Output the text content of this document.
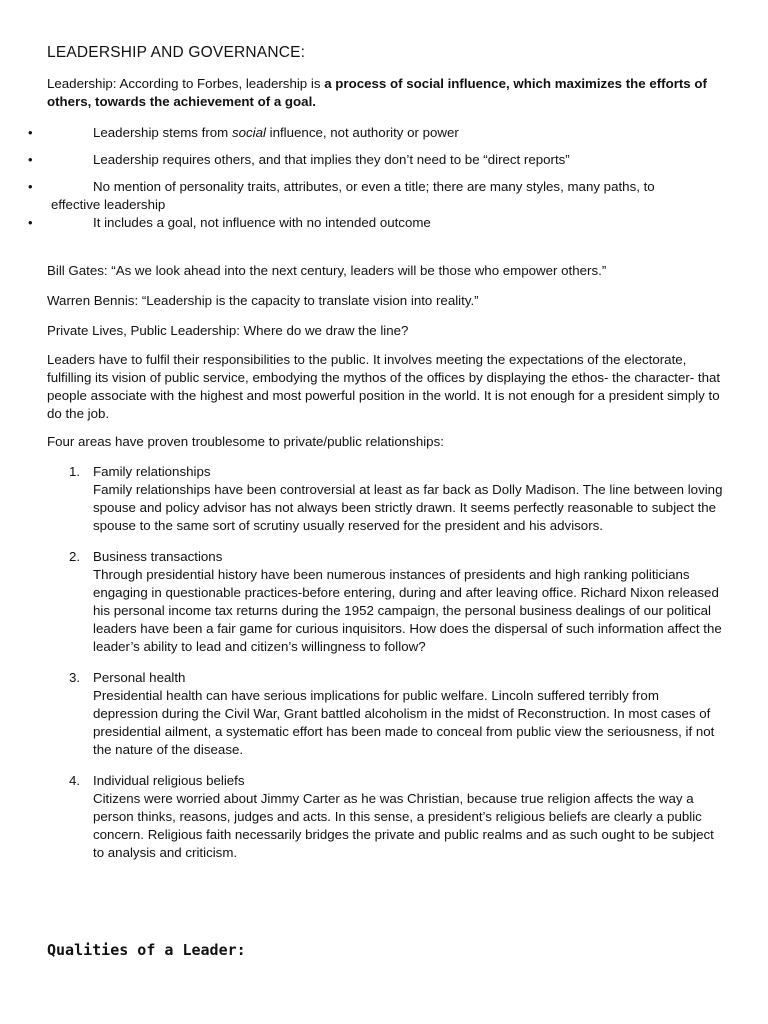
LEADERSHIP AND GOVERNANCE:

Leadership: According to Forbes, leadership is a process of social influence, which maximizes the efforts of others, towards the achievement of a goal.

•	Leadership stems from social influence, not authority or power
•	Leadership requires others, and that implies they don’t need to be “direct reports”
•	No mention of personality traits, attributes, or even a title; there are many styles, many paths, to
effective leadership
•	It includes a goal, not influence with no intended outcome

Bill Gates: “As we look ahead into the next century, leaders will be those who empower others.”

Warren Bennis: “Leadership is the capacity to translate vision into reality.”

Private Lives, Public Leadership: Where do we draw the line?

Leaders have to fulfil their responsibilities to the public. It involves meeting the expectations of the electorate, fulfilling its vision of public service, embodying the mythos of the offices by displaying the ethos- the character- that people associate with the highest and most powerful position in the world. It is not enough for a president simply to do the job.

Four areas have proven troublesome to private/public relationships:

1. Family relationships
Family relationships have been controversial at least as far back as Dolly Madison. The line between loving spouse and policy advisor has not always been strictly drawn. It seems perfectly reasonable to subject the spouse to the same sort of scrutiny usually reserved for the president and his advisors.
2. Business transactions
Through presidential history have been numerous instances of presidents and high ranking politicians engaging in questionable practices-before entering, during and after leaving office. Richard Nixon released his personal income tax returns during the 1952 campaign, the personal business dealings of our political leaders have been a fair game for curious inquisitors. How does the dispersal of such information affect the leader’s ability to lead and citizen’s willingness to follow?
3. Personal health
Presidential health can have serious implications for public welfare. Lincoln suffered terribly from depression during the Civil War, Grant battled alcoholism in the midst of Reconstruction. In most cases of presidential ailment, a systematic effort has been made to conceal from public view the seriousness, if not the nature of the disease.
4. Individual religious beliefs
Citizens were worried about Jimmy Carter as he was Christian, because true religion affects the way a person thinks, reasons, judges and acts. In this sense, a president’s religious beliefs are clearly a public concern. Religious faith necessarily bridges the private and public realms and as such ought to be subject to analysis and criticism.
Qualities of a Leader:
